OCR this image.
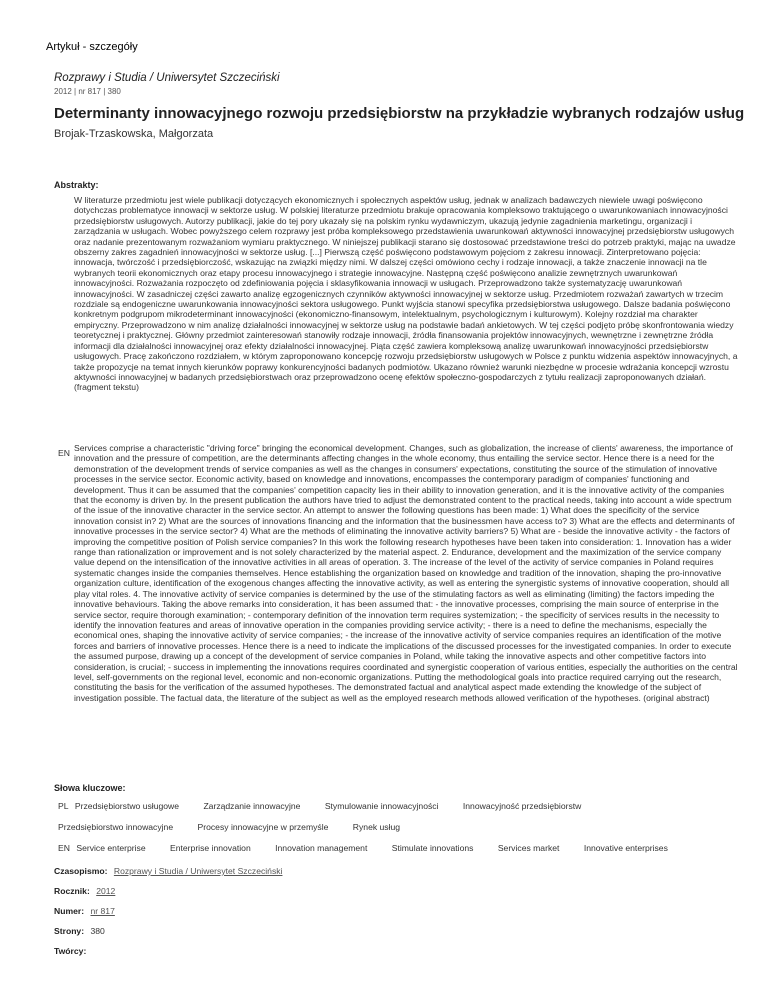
Artykuł - szczegóły
Rozprawy i Studia / Uniwersytet Szczeciński
2012 | nr 817 | 380
Determinanty innowacyjnego rozwoju przedsiębiorstw na przykładzie wybranych rodzajów usług
Brojak-Trzaskowska, Małgorzata
Abstrakty:

W literaturze przedmiotu jest wiele publikacji dotyczących ekonomicznych i społecznych aspektów usług, jednak w analizach badawczych niewiele uwagi poświęcono dotychczas problematyce innowacji w sektorze usług. W polskiej literaturze przedmiotu brakuje opracowania kompleksowo traktującego o uwarunkowaniach innowacyjności przedsiębiorstw usługowych. Autorzy publikacji, jakie do tej pory ukazały się na polskim rynku wydawniczym, ukazują jedynie zagadnienia marketingu, organizacji i zarządzania w usługach. Wobec powyższego celem rozprawy jest próba kompleksowego przedstawienia uwarunkowań aktywności innowacyjnej przedsiębiorstw usługowych oraz nadanie prezentowanym rozważaniom wymiaru praktycznego. W niniejszej publikacji starano się dostosować przedstawione treści do potrzeb praktyki, mając na uwadze obszerny zakres zagadnień innowacyjności w sektorze usług. [...] Pierwszą część poświęcono podstawowym pojęciom z zakresu innowacji. Zinterpretowano pojęcia: innowacja, twórczość i przedsiębiorczość, wskazując na związki między nimi. W dalszej części omówiono cechy i rodzaje innowacji, a także znaczenie innowacji na tle wybranych teorii ekonomicznych oraz etapy procesu innowacyjnego i strategie innowacyjne. Następną część poświęcono analizie zewnętrznych uwarunkowań innowacyjności. Rozważania rozpoczęto od zdefiniowania pojęcia i sklasyfikowania innowacji w usługach. Przeprowadzono także systematyzację uwarunkowań innowacyjności. W zasadniczej części zawarto analizę egzogenicznych czynników aktywności innowacyjnej w sektorze usług. Przedmiotem rozważań zawartych w trzecim rozdziale są endogeniczne uwarunkowania innowacyjności sektora usługowego. Punkt wyjścia stanowi specyfika przedsiębiorstwa usługowego. Dalsze badania poświęcono konkretnym podgrupom mikrodeterminant innowacyjności (ekonomiczno-finansowym, intelektualnym, psychologicznym i kulturowym). Kolejny rozdział ma charakter empiryczny. Przeprowadzono w nim analizę działalności innowacyjnej w sektorze usług na podstawie badań ankietowych. W tej części podjęto próbę skonfrontowania wiedzy teoretycznej i praktycznej. Główny przedmiot zainteresowań stanowiły rodzaje innowacji, źródła finansowania projektów innowacyjnych, wewnętrzne i zewnętrzne źródła informacji dla działalności innowacyjnej oraz efekty działalności innowacyjnej. Piąta część zawiera kompleksową analizę uwarunkowań innowacyjności przedsiębiorstw usługowych. Pracę zakończono rozdziałem, w którym zaproponowano koncepcję rozwoju przedsiębiorstw usługowych w Polsce z punktu widzenia aspektów innowacyjnych, a także propozycje na temat innych kierunków poprawy konkurencyjności badanych podmiotów. Ukazano również warunki niezbędne w procesie wdrażania koncepcji wzrostu aktywności innowacyjnej w badanych przedsiębiorstwach oraz przeprowadzono ocenę efektów społeczno-gospodarczych z tytułu realizacji zaproponowanych działań. (fragment tekstu)

EN Services comprise a characteristic "driving force" bringing the economical development. Changes, such as globalization, the increase of clients' awareness, the importance of innovation and the pressure of competition, are the determinants affecting changes in the whole economy, thus entailing the service sector. Hence there is a need for the demonstration of the development trends of service companies as well as the changes in consumers' expectations, constituting the source of the stimulation of innovative processes in the service sector. Economic activity, based on knowledge and innovations, encompasses the contemporary paradigm of companies' functioning and development. Thus it can be assumed that the companies' competition capacity lies in their ability to innovation generation, and it is the innovative activity of the companies that the economy is driven by. In the present publication the authors have tried to adjust the demonstrated content to the practical needs, taking into account a wide spectrum of the issue of the innovative character in the service sector. An attempt to answer the following questions has been made: 1) What does the specificity of the service innovation consist in? 2) What are the sources of innovations financing and the information that the businessmen have access to? 3) What are the effects and determinants of innovative processes in the service sector? 4) What are the methods of eliminating the innovative activity barriers? 5) What are - beside the innovative activity - the factors of improving the competitive position of Polish service companies? In this work the following research hypotheses have been taken into consideration: 1. Innovation has a wider range than rationalization or improvement and is not solely characterized by the material aspect. 2. Endurance, development and the maximization of the service company value depend on the intensification of the innovative activities in all areas of operation. 3. The increase of the level of the activity of service companies in Poland requires systematic changes inside the companies themselves. Hence establishing the organization based on knowledge and tradition of the innovation, shaping the pro-innovative organization culture, identification of the exogenous changes affecting the innovative activity, as well as entering the synergistic systems of innovative cooperation, should all play vital roles. 4. The innovative activity of service companies is determined by the use of the stimulating factors as well as eliminating (limiting) the factors impeding the innovative behaviours. Taking the above remarks into consideration, it has been assumed that: - the innovative processes, comprising the main source of enterprise in the service sector, require thorough examination; - contemporary definition of the innovation term requires systemization; - the specificity of services results in the necessity to identify the innovation features and areas of innovative operation in the companies providing service activity; - there is a need to define the mechanisms, especially the economical ones, shaping the innovative activity of service companies; - the increase of the innovative activity of service companies requires an identification of the motive forces and barriers of innovative processes. Hence there is a need to indicate the implications of the discussed processes for the investigated companies. In order to execute the assumed purpose, drawing up a concept of the development of service companies in Poland, while taking the innovative aspects and other competitive factors into consideration, is crucial; - success in implementing the innovations requires coordinated and synergistic cooperation of various entities, especially the authorities on the central level, self-governments on the regional level, economic and non-economic organizations. Putting the methodological goals into practice required carrying out the research, constituting the basis for the verification of the assumed hypotheses. The demonstrated factual and analytical aspect made extending the knowledge of the subject of investigation possible. The factual data, the literature of the subject as well as the employed research methods allowed verification of the hypotheses. (original abstract)

Słowa kluczowe:
PL Przedsiębiorstwo usługowe	Zarządzanie innowacyjne	Stymulowanie innowacyjności	Innowacyjność przedsiębiorstw
Przedsiębiorstwo innowacyjne	Procesy innowacyjne w przemyśle	Rynek usług
EN Service enterprise	Enterprise innovation	Innovation management	Stimulate innovations	Services market	Innovative enterprises
Czasopismo: Rozprawy i Studia / Uniwersytet Szczeciński
Rocznik: 2012
Numer: nr 817
Strony: 380
Twórcy:
